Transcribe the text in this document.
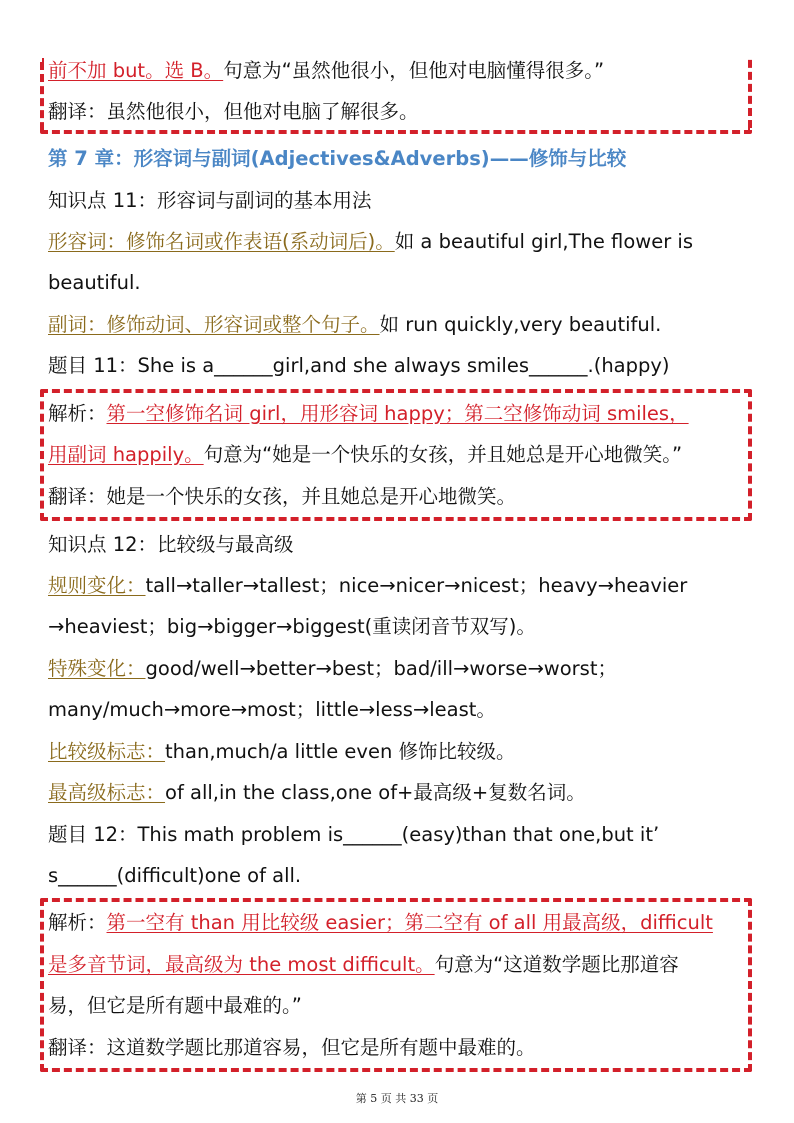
前不加 but。选 B。句意为“虽然他很小，但他对电脑懂得很多。”
翻译：虽然他很小，但他对电脑了解很多。
第 7 章：形容词与副词(Adjectives&Adverbs)——修饰与比较
知识点 11：形容词与副词的基本用法
形容词：修饰名词或作表语(系动词后)。如 a beautiful girl,The flower is
beautiful.
副词：修饰动词、形容词或整个句子。如 run quickly,very beautiful.
题目 11：She is a______girl,and she always smiles______.(happy)
解析：第一空修饰名词 girl，用形容词 happy；第二空修饰动词 smiles，
用副词 happily。句意为“她是一个快乐的女孩，并且她总是开心地微笑。”
翻译：她是一个快乐的女孩，并且她总是开心地微笑。
知识点 12：比较级与最高级
规则变化：tall→taller→tallest；nice→nicer→nicest；heavy→heavier
→heaviest；big→bigger→biggest(重读闭音节双写)。
特殊变化：good/well→better→best；bad/ill→worse→worst；
many/much→more→most；little→less→least。
比较级标志：than,much/a little even 修饰比较级。
最高级标志：of all,in the class,one of+最高级+复数名词。
题目 12：This math problem is______(easy)than that one,but it’
s______(difficult)one of all.
解析：第一空有 than 用比较级 easier；第二空有 of all 用最高级，difficult
是多音节词，最高级为 the most difficult。句意为“这道数学题比那道容
易，但它是所有题中最难的。”
翻译：这道数学题比那道容易，但它是所有题中最难的。
第 5 页 共 33 页
